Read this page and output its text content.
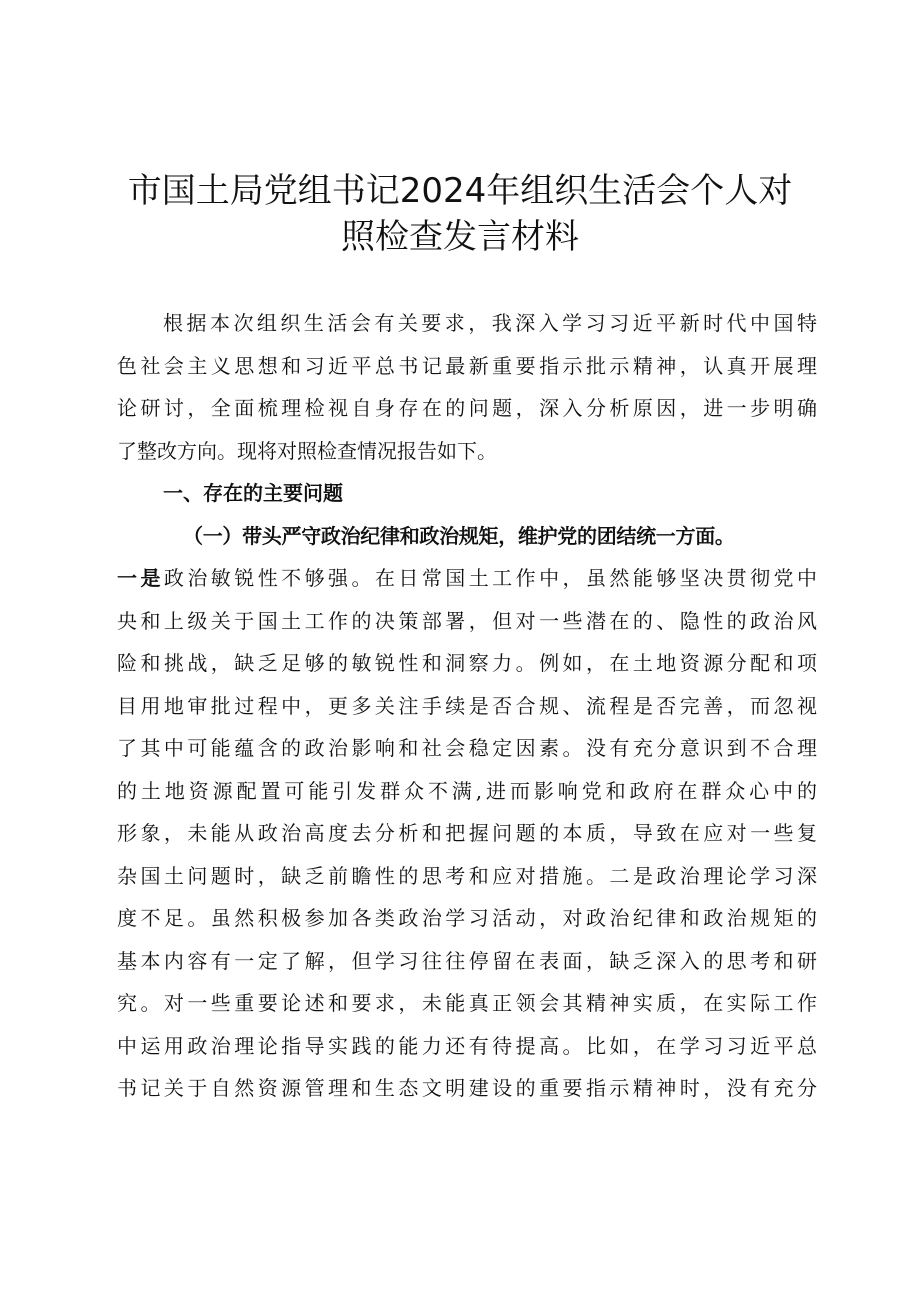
市国土局党组书记2024年组织生活会个人对
照检查发言材料
根据本次组织生活会有关要求，我深入学习习近平新时代中国特
色社会主义思想和习近平总书记最新重要指示批示精神，认真开展理
论研讨，全面梳理检视自身存在的问题，深入分析原因，进一步明确
了整改方向。现将对照检查情况报告如下。

一、存在的主要问题

（一）带头严守政治纪律和政治规矩，维护党的团结统一方面。

一是政治敏锐性不够强。在日常国土工作中，虽然能够坚决贯彻党中
央和上级关于国土工作的决策部署，但对一些潜在的、隐性的政治风
险和挑战，缺乏足够的敏锐性和洞察力。例如，在土地资源分配和项
目用地审批过程中，更多关注手续是否合规、流程是否完善，而忽视
了其中可能蕴含的政治影响和社会稳定因素。没有充分意识到不合理
的土地资源配置可能引发群众不满,进而影响党和政府在群众心中的
形象，未能从政治高度去分析和把握问题的本质，导致在应对一些复
杂国土问题时，缺乏前瞻性的思考和应对措施。二是政治理论学习深
度不足。虽然积极参加各类政治学习活动，对政治纪律和政治规矩的
基本内容有一定了解，但学习往往停留在表面，缺乏深入的思考和研
究。对一些重要论述和要求，未能真正领会其精神实质，在实际工作
中运用政治理论指导实践的能力还有待提高。比如，在学习习近平总
书记关于自然资源管理和生态文明建设的重要指示精神时，没有充分
